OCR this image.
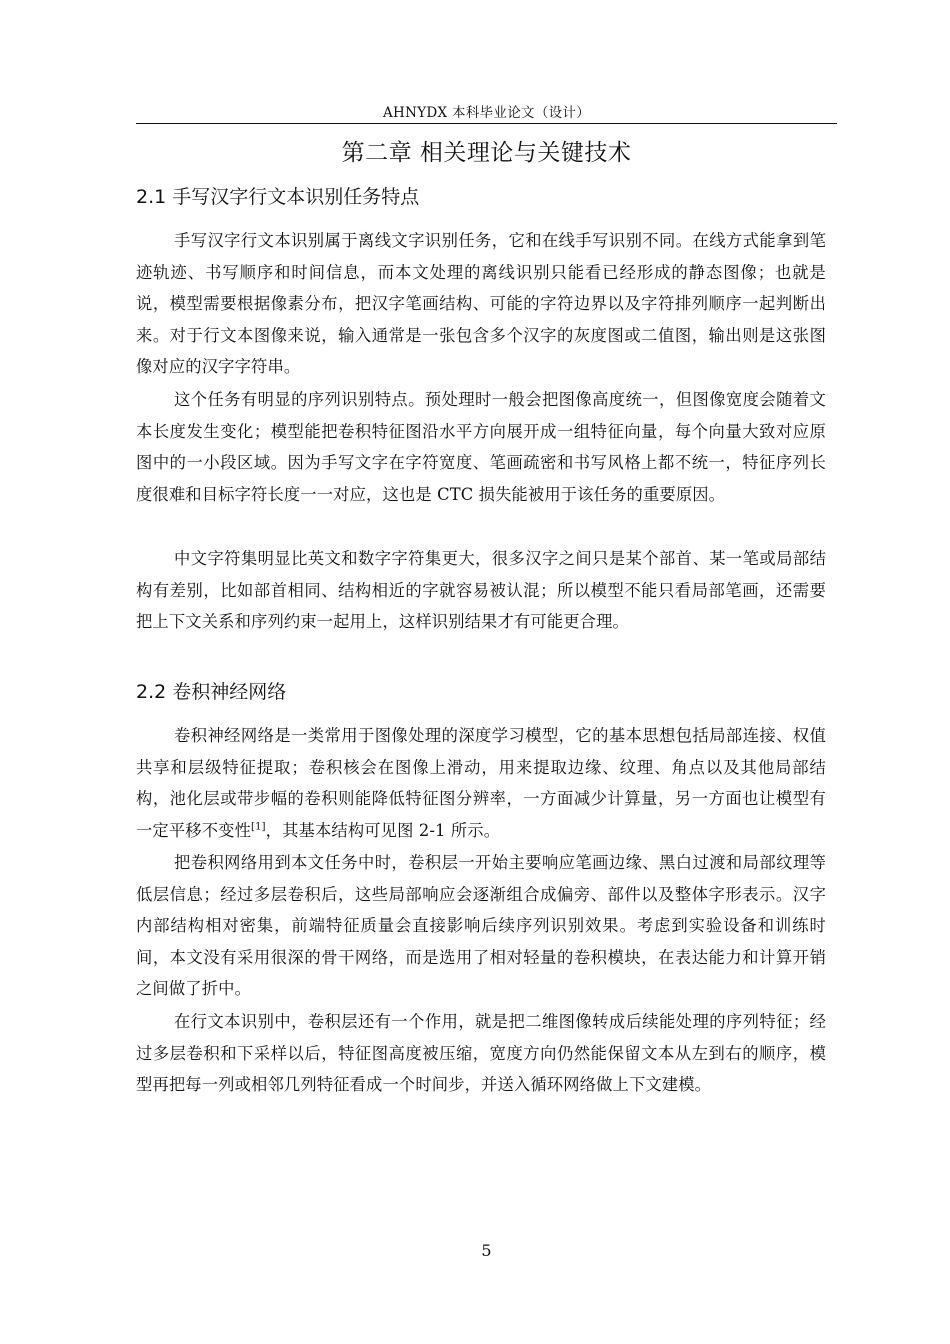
AHNYDX 本科毕业论文（设计）
第二章 相关理论与关键技术
2.1 手写汉字行文本识别任务特点

手写汉字行文本识别属于离线文字识别任务，它和在线手写识别不同。在线方式能拿到笔迹轨迹、书写顺序和时间信息，而本文处理的离线识别只能看已经形成的静态图像；也就是说，模型需要根据像素分布，把汉字笔画结构、可能的字符边界以及字符排列顺序一起判断出来。对于行文本图像来说，输入通常是一张包含多个汉字的灰度图或二值图，输出则是这张图像对应的汉字字符串。

这个任务有明显的序列识别特点。预处理时一般会把图像高度统一，但图像宽度会随着文本长度发生变化；模型能把卷积特征图沿水平方向展开成一组特征向量，每个向量大致对应原图中的一小段区域。因为手写文字在字符宽度、笔画疏密和书写风格上都不统一，特征序列长度很难和目标字符长度一一对应，这也是 CTC 损失能被用于该任务的重要原因。

中文字符集明显比英文和数字字符集更大，很多汉字之间只是某个部首、某一笔或局部结构有差别，比如部首相同、结构相近的字就容易被认混；所以模型不能只看局部笔画，还需要把上下文关系和序列约束一起用上，这样识别结果才有可能更合理。

2.2 卷积神经网络

卷积神经网络是一类常用于图像处理的深度学习模型，它的基本思想包括局部连接、权值共享和层级特征提取；卷积核会在图像上滑动，用来提取边缘、纹理、角点以及其他局部结构，池化层或带步幅的卷积则能降低特征图分辨率，一方面减少计算量，另一方面也让模型有一定平移不变性[1]，其基本结构可见图 2-1 所示。

把卷积网络用到本文任务中时，卷积层一开始主要响应笔画边缘、黑白过渡和局部纹理等低层信息；经过多层卷积后，这些局部响应会逐渐组合成偏旁、部件以及整体字形表示。汉字内部结构相对密集，前端特征质量会直接影响后续序列识别效果。考虑到实验设备和训练时间，本文没有采用很深的骨干网络，而是选用了相对轻量的卷积模块，在表达能力和计算开销之间做了折中。

在行文本识别中，卷积层还有一个作用，就是把二维图像转成后续能处理的序列特征；经过多层卷积和下采样以后，特征图高度被压缩，宽度方向仍然能保留文本从左到右的顺序，模型再把每一列或相邻几列特征看成一个时间步，并送入循环网络做上下文建模。

5
